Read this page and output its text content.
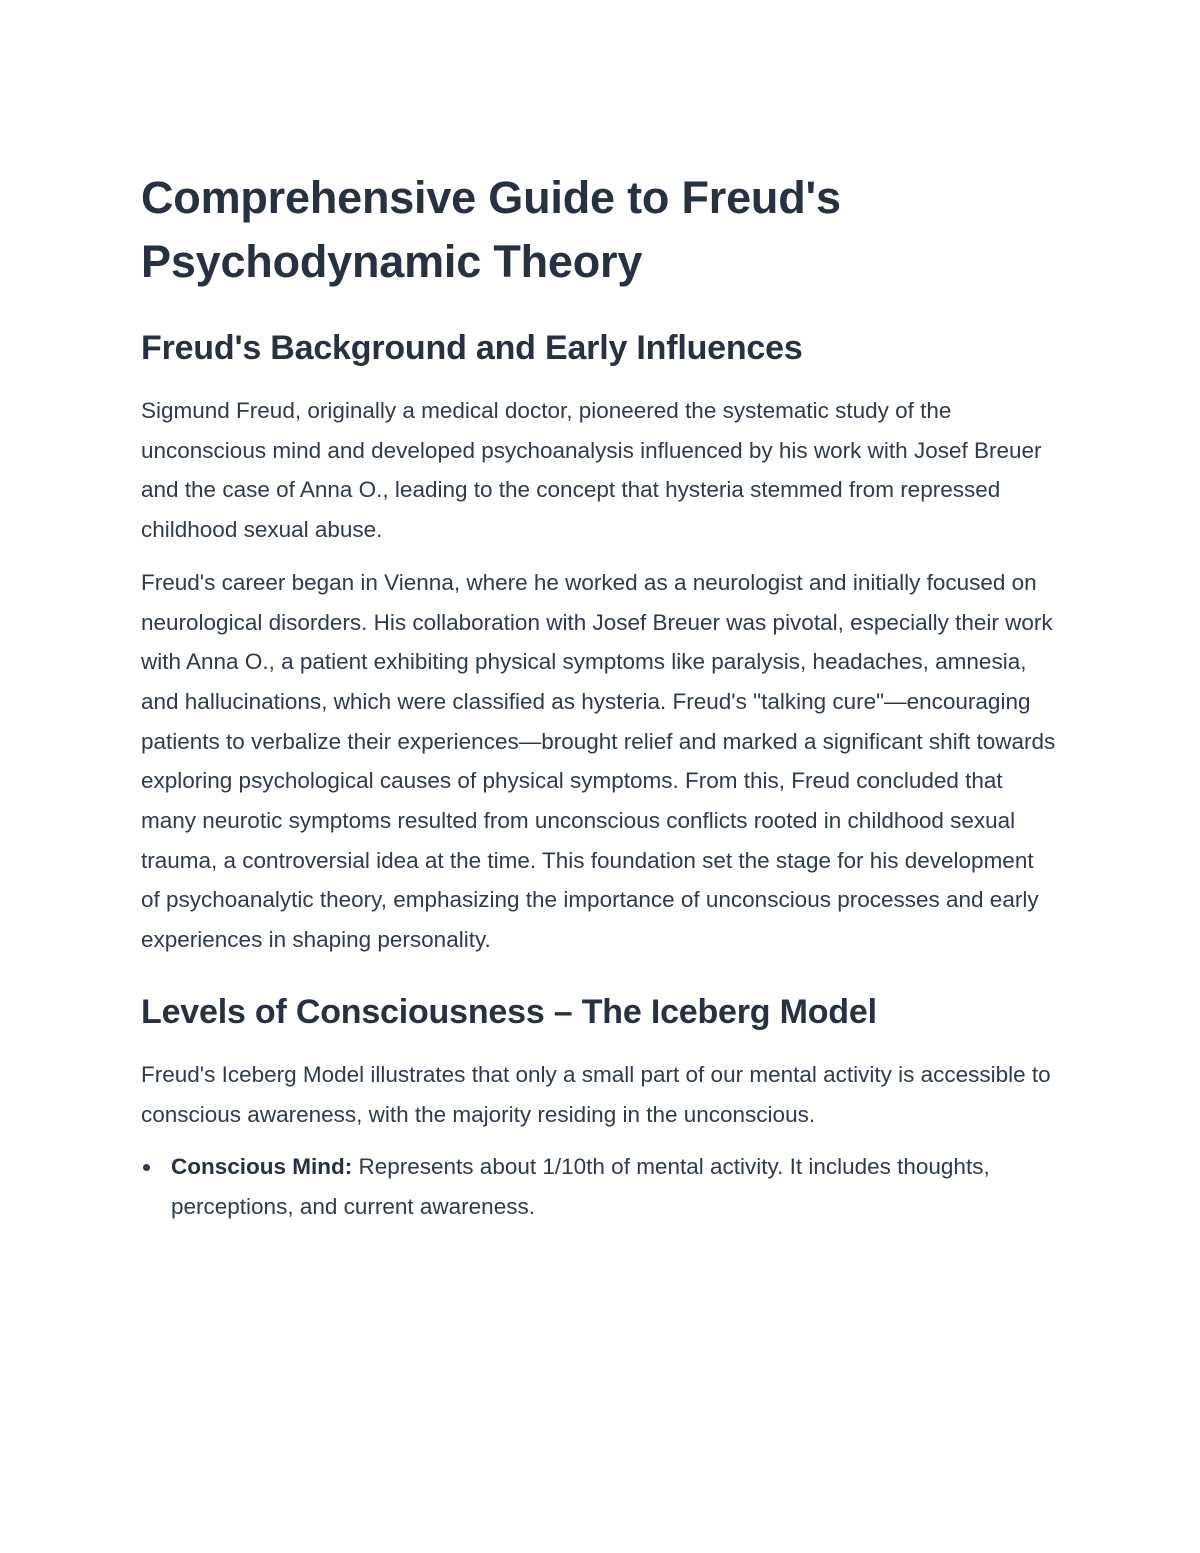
Comprehensive Guide to Freud's Psychodynamic Theory
Freud's Background and Early Influences

Sigmund Freud, originally a medical doctor, pioneered the systematic study of the unconscious mind and developed psychoanalysis influenced by his work with Josef Breuer and the case of Anna O., leading to the concept that hysteria stemmed from repressed childhood sexual abuse.

Freud's career began in Vienna, where he worked as a neurologist and initially focused on neurological disorders. His collaboration with Josef Breuer was pivotal, especially their work with Anna O., a patient exhibiting physical symptoms like paralysis, headaches, amnesia, and hallucinations, which were classified as hysteria. Freud's "talking cure"—encouraging patients to verbalize their experiences—brought relief and marked a significant shift towards exploring psychological causes of physical symptoms. From this, Freud concluded that many neurotic symptoms resulted from unconscious conflicts rooted in childhood sexual trauma, a controversial idea at the time. This foundation set the stage for his development of psychoanalytic theory, emphasizing the importance of unconscious processes and early experiences in shaping personality.

Levels of Consciousness – The Iceberg Model

Freud's Iceberg Model illustrates that only a small part of our mental activity is accessible to conscious awareness, with the majority residing in the unconscious.

Conscious Mind: Represents about 1/10th of mental activity. It includes thoughts, perceptions, and current awareness.
